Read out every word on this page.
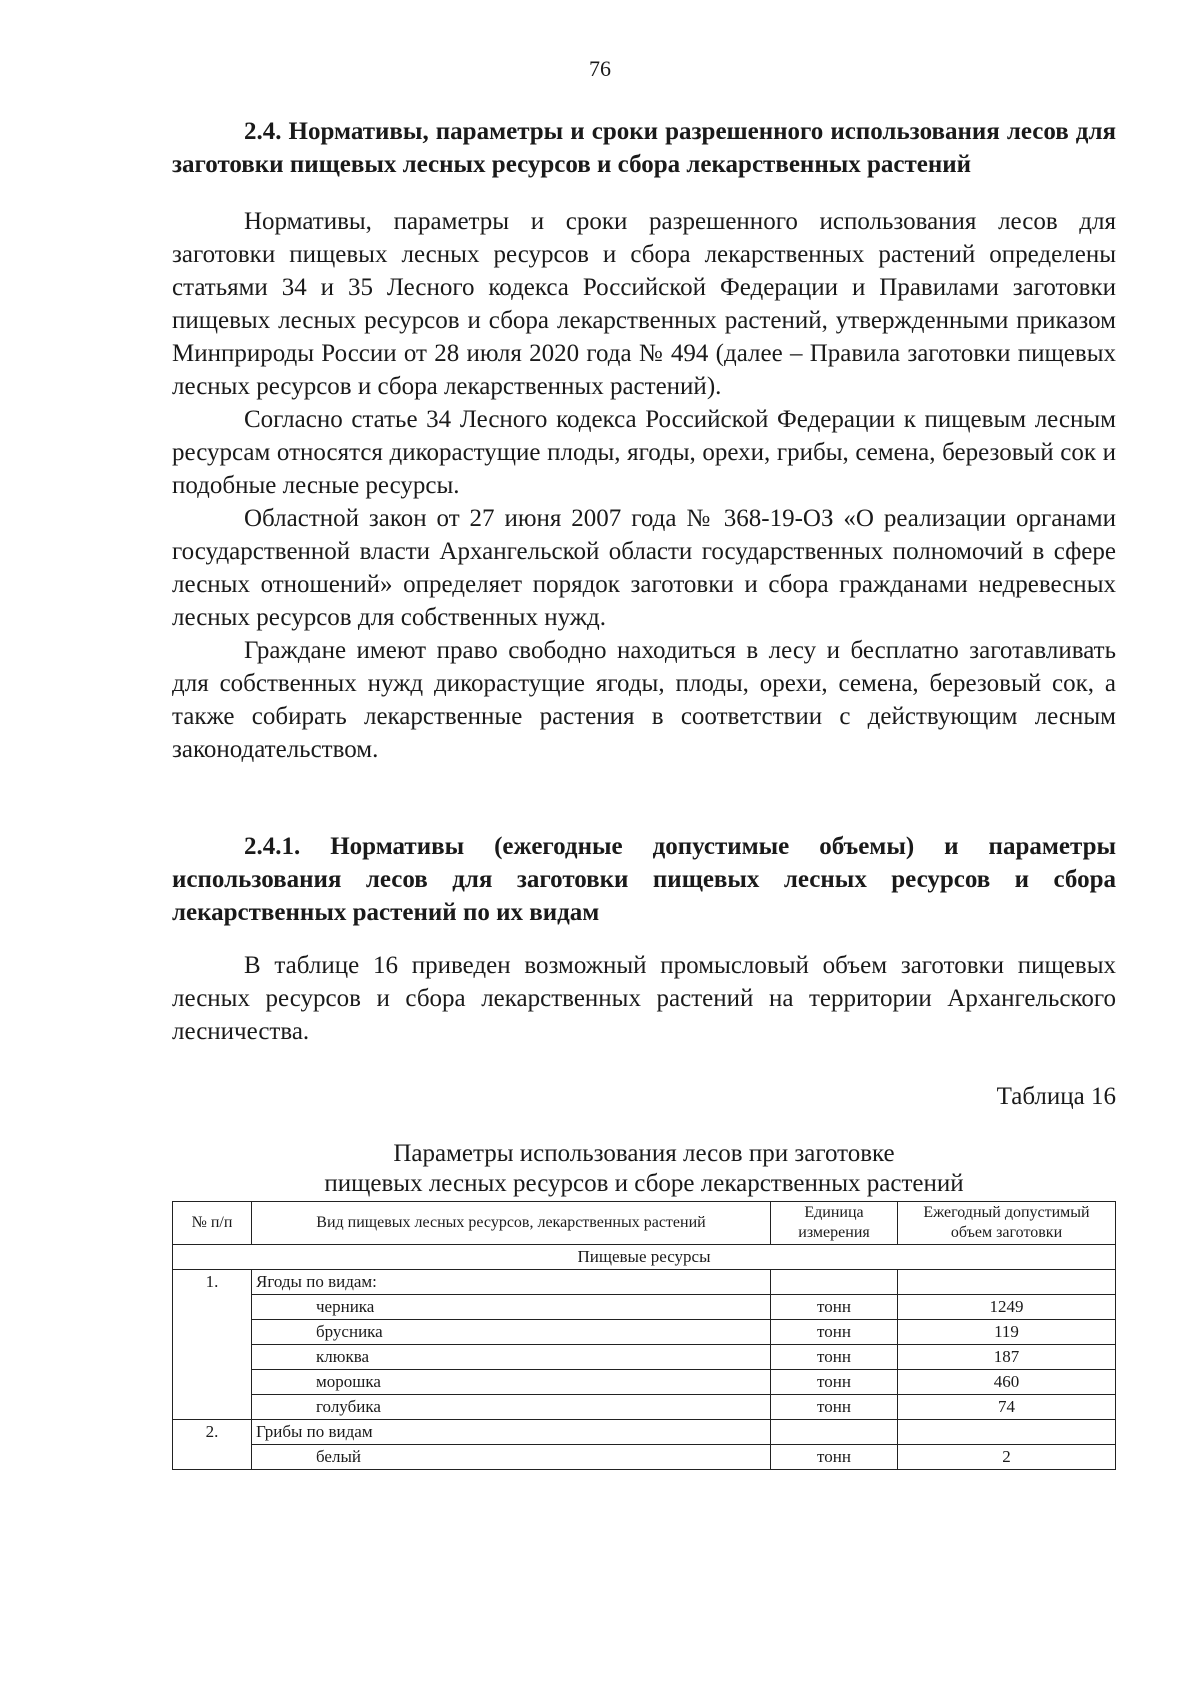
76

2.4. Нормативы, параметры и сроки разрешенного использования лесов для заготовки пищевых лесных ресурсов и сбора лекарственных растений

Нормативы, параметры и сроки разрешенного использования лесов для заготовки пищевых лесных ресурсов и сбора лекарственных растений определены статьями 34 и 35 Лесного кодекса Российской Федерации и Правилами заготовки пищевых лесных ресурсов и сбора лекарственных растений, утвержденными приказом Минприроды России от 28 июля 2020 года № 494 (далее – Правила заготовки пищевых лесных ресурсов и сбора лекарственных растений).

Согласно статье 34 Лесного кодекса Российской Федерации к пищевым лесным ресурсам относятся дикорастущие плоды, ягоды, орехи, грибы, семена, березовый сок и подобные лесные ресурсы.

Областной закон от 27 июня 2007 года № 368-19-ОЗ «О реализации органами государственной власти Архангельской области государственных полномочий в сфере лесных отношений» определяет порядок заготовки и сбора гражданами недревесных лесных ресурсов для собственных нужд.

Граждане имеют право свободно находиться в лесу и бесплатно заготавливать для собственных нужд дикорастущие ягоды, плоды, орехи, семена, березовый сок, а также собирать лекарственные растения в соответствии с действующим лесным законодательством.

2.4.1. Нормативы (ежегодные допустимые объемы) и параметры использования лесов для заготовки пищевых лесных ресурсов и сбора лекарственных растений по их видам

В таблице 16 приведен возможный промысловый объем заготовки пищевых лесных ресурсов и сбора лекарственных растений на территории Архангельского лесничества.

Таблица 16
Параметры использования лесов при заготовке
пищевых лесных ресурсов и сборе лекарственных растений
№ п/п	Вид пищевых лесных ресурсов, лекарственных растений	Единица измерения	Ежегодный допустимый объем заготовки
Пищевые ресурсы			
1.	Ягоды по видам:		
	черника	тонн	1249
	брусника	тонн	119
	клюква	тонн	187
	морошка	тонн	460
	голубика	тонн	74
2.	Грибы по видам		
	белый	тонн	2
